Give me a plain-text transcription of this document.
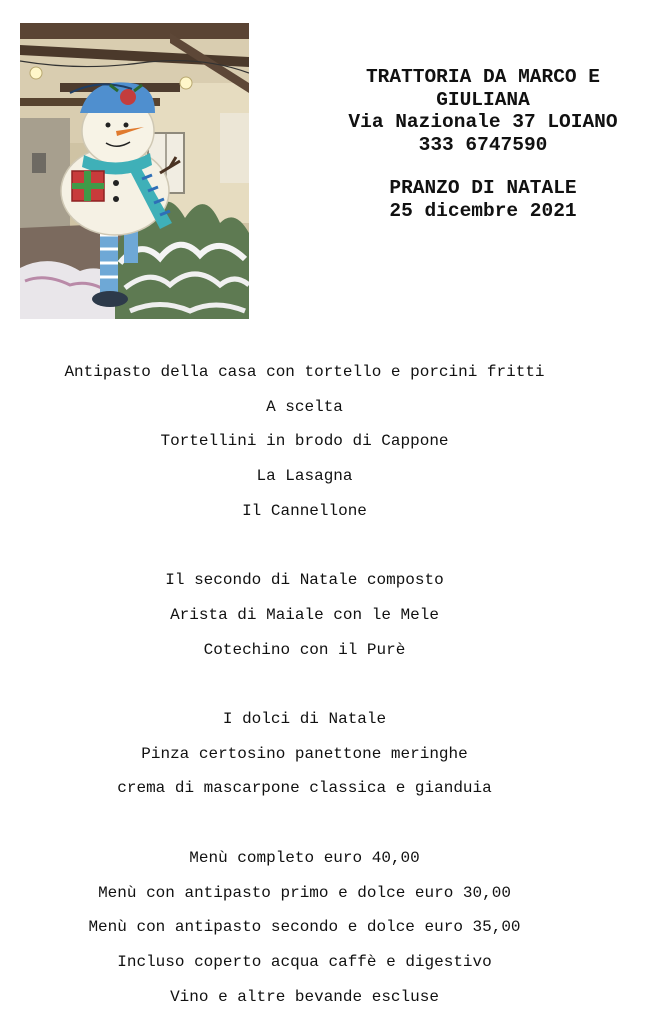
TRATTORIA DA MARCO E
GIULIANA
Via Nazionale 37 LOIANO
333 6747590
PRANZO DI NATALE
25 dicembre 2021
Antipasto della casa con tortello e porcini fritti
A scelta
Tortellini in brodo di Cappone
La Lasagna
Il Cannellone
Il secondo di Natale composto
Arista di Maiale con le Mele
Cotechino con il Purè
I dolci di Natale
Pinza certosino panettone meringhe
crema di mascarpone classica e gianduia
Menù completo euro 40,00
Menù con antipasto primo e dolce euro 30,00
Menù con antipasto secondo e dolce euro 35,00
Incluso coperto acqua caffè e digestivo
Vino e altre bevande escluse
